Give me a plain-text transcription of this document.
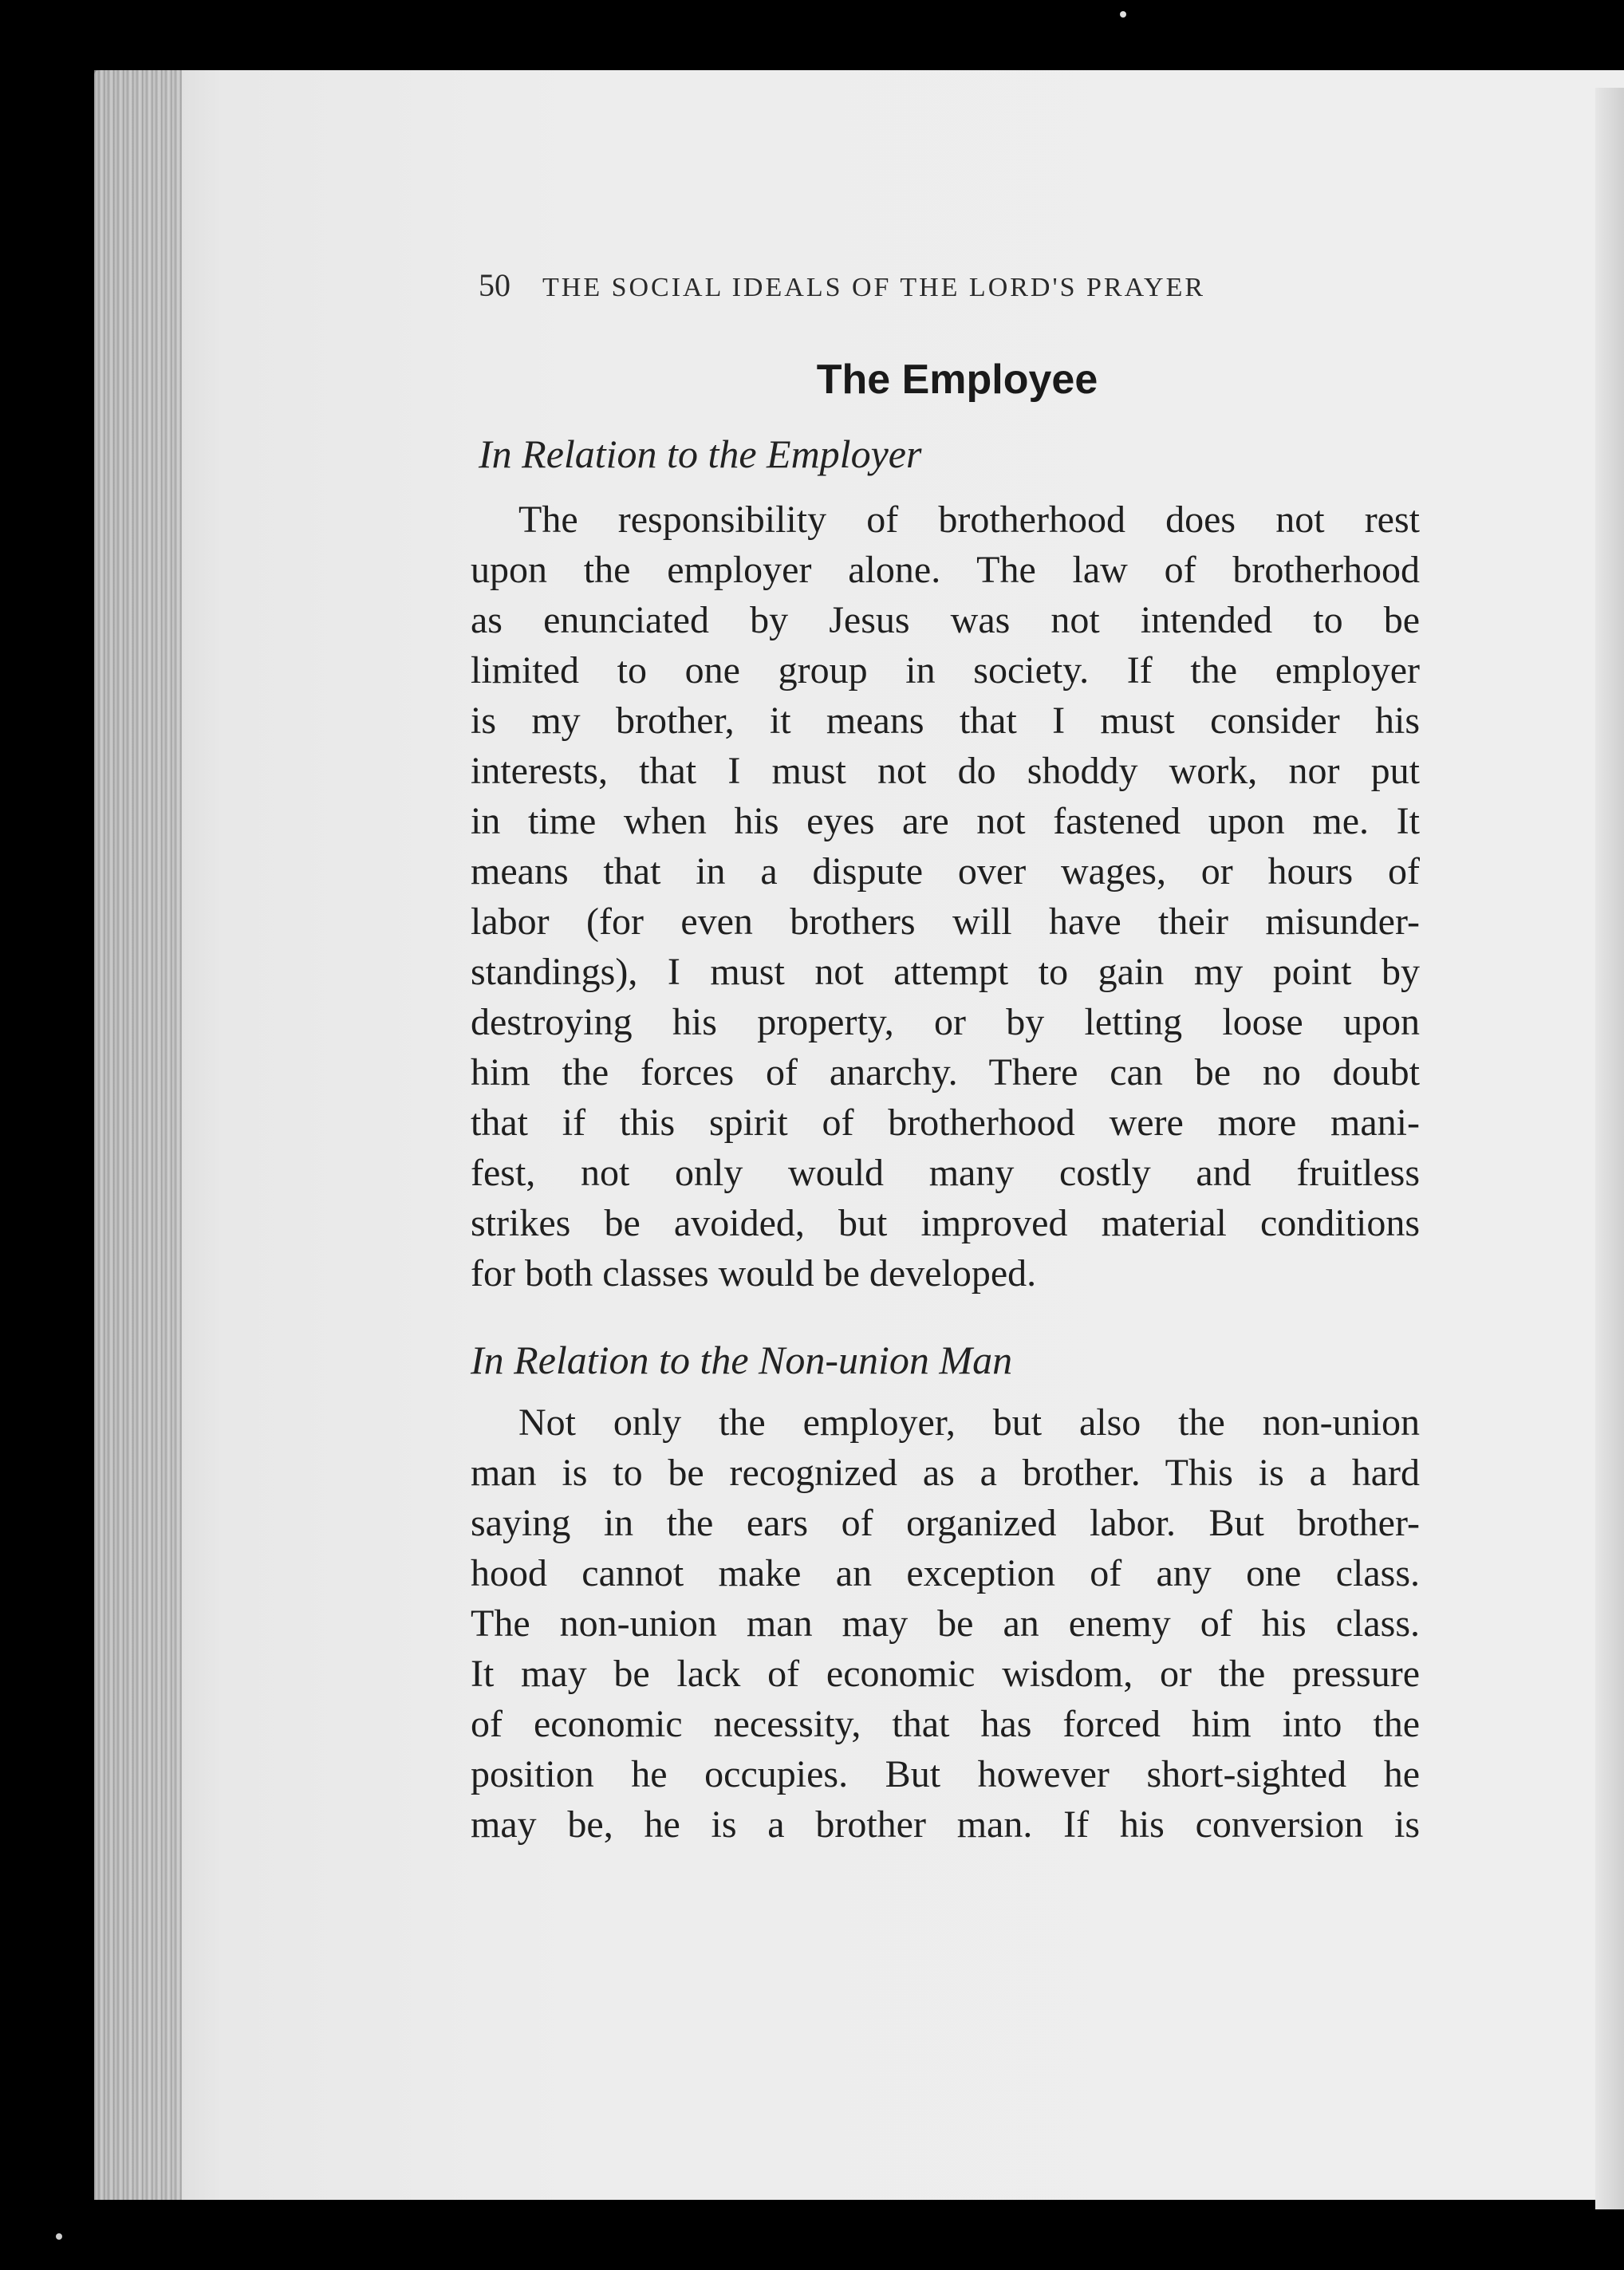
50 THE SOCIAL IDEALS OF THE LORD'S PRAYER
The Employee
In Relation to the Employer
The responsibility of brotherhood does not rest
upon the employer alone. The law of brotherhood
as enunciated by Jesus was not intended to be
limited to one group in society. If the employer
is my brother, it means that I must consider his
interests, that I must not do shoddy work, nor put
in time when his eyes are not fastened upon me. It
means that in a dispute over wages, or hours of
labor (for even brothers will have their misunder-
standings), I must not attempt to gain my point by
destroying his property, or by letting loose upon
him the forces of anarchy. There can be no doubt
that if this spirit of brotherhood were more mani-
fest, not only would many costly and fruitless
strikes be avoided, but improved material conditions
for both classes would be developed.
In Relation to the Non-union Man
Not only the employer, but also the non-union
man is to be recognized as a brother. This is a hard
saying in the ears of organized labor. But brother-
hood cannot make an exception of any one class.
The non-union man may be an enemy of his class.
It may be lack of economic wisdom, or the pressure
of economic necessity, that has forced him into the
position he occupies. But however short-sighted he
may be, he is a brother man. If his conversion is
